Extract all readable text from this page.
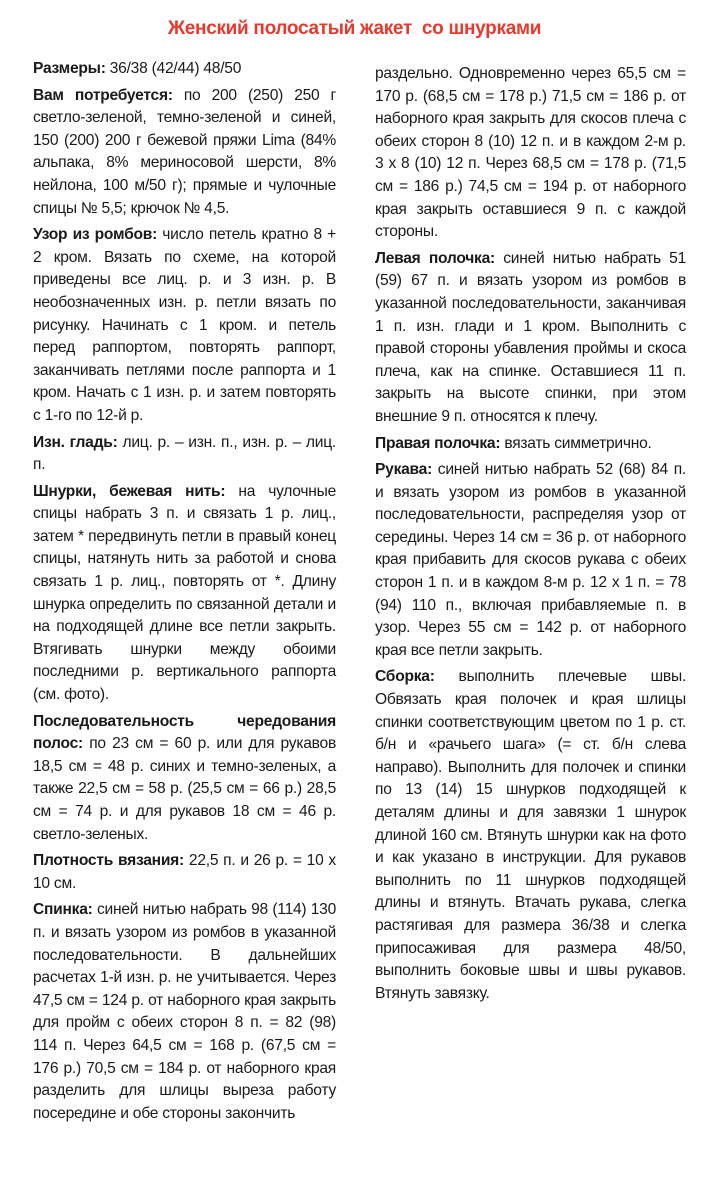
Женский полосатый жакет  со шнурками

Размеры: 36/38 (42/44) 48/50

Вам потребуется: по 200 (250) 250 г светло-зеленой, темно-зеленой и синей, 150 (200) 200 г бежевой пряжи Lima (84% альпака, 8% мериносовой шерсти, 8% нейлона, 100 м/50 г); прямые и чулочные спицы № 5,5; крючок № 4,5.

Узор из ромбов: число петель кратно 8 + 2 кром. Вязать по схеме, на которой приведены все лиц. р. и 3 изн. р. В необозначенных изн. р. петли вязать по рисунку. Начинать с 1 кром. и петель перед раппортом, повторять раппорт, заканчивать петлями после раппорта и 1 кром. Начать с 1 изн. р. и затем повторять с 1-го по 12-й р.

Изн. гладь: лиц. р. – изн. п., изн. р. – лиц. п.

Шнурки, бежевая нить: на чулочные спицы набрать 3 п. и связать 1 р. лиц., затем * передвинуть петли в правый конец спицы, натянуть нить за работой и снова связать 1 р. лиц., повторять от *. Длину шнурка определить по связанной детали и на подходящей длине все петли закрыть. Втягивать шнурки между обоими последними р. вертикального раппорта (см. фото).

Последовательность чередования полос: по 23 см = 60 р. или для рукавов 18,5 см = 48 р. синих и темно-зеленых, а также 22,5 см = 58 р. (25,5 см = 66 р.) 28,5 см = 74 р. и для рукавов 18 см = 46 р. светло-зеленых.

Плотность вязания: 22,5 п. и 26 р. = 10 х 10 см.

Спинка: синей нитью набрать 98 (114) 130 п. и вязать узором из ромбов в указанной последовательности. В дальнейших расчетах 1-й изн. р. не учитывается. Через 47,5 см = 124 р. от наборного края закрыть для пройм с обеих сторон 8 п. = 82 (98) 114 п. Через 64,5 см = 168 р. (67,5 см = 176 р.) 70,5 см = 184 р. от наборного края разделить для шлицы выреза работу посередине и обе стороны закончить

раздельно. Одновременно через 65,5 см = 170 р. (68,5 см = 178 р.) 71,5 см = 186 р. от наборного края закрыть для скосов плеча с обеих сторон 8 (10) 12 п. и в каждом 2-м р. 3 х 8 (10) 12 п. Через 68,5 см = 178 р. (71,5 см = 186 р.) 74,5 см = 194 р. от наборного края закрыть оставшиеся 9 п. с каждой стороны.

Левая полочка: синей нитью набрать 51 (59) 67 п. и вязать узором из ромбов в указанной последовательности, заканчивая 1 п. изн. глади и 1 кром. Выполнить с правой стороны убавления проймы и скоса плеча, как на спинке. Оставшиеся 11 п. закрыть на высоте спинки, при этом внешние 9 п. относятся к плечу.

Правая полочка: вязать симметрично.

Рукава: синей нитью набрать 52 (68) 84 п. и вязать узором из ромбов в указанной последовательности, распределяя узор от середины. Через 14 см = 36 р. от наборного края прибавить для скосов рукава с обеих сторон 1 п. и в каждом 8-м р. 12 х 1 п. = 78 (94) 110 п., включая прибавляемые п. в узор. Через 55 см = 142 р. от наборного края все петли закрыть.

Сборка: выполнить плечевые швы. Обвязать края полочек и края шлицы спинки соответствующим цветом по 1 р. ст. б/н и «рачьего шага» (= ст. б/н слева направо). Выполнить для полочек и спинки по 13 (14) 15 шнурков подходящей к деталям длины и для завязки 1 шнурок длиной 160 см. Втянуть шнурки как на фото и как указано в инструкции. Для рукавов выполнить по 11 шнурков подходящей длины и втянуть. Втачать рукава, слегка растягивая для размера 36/38 и слегка припосаживая для размера 48/50, выполнить боковые швы и швы рукавов. Втянуть завязку.
